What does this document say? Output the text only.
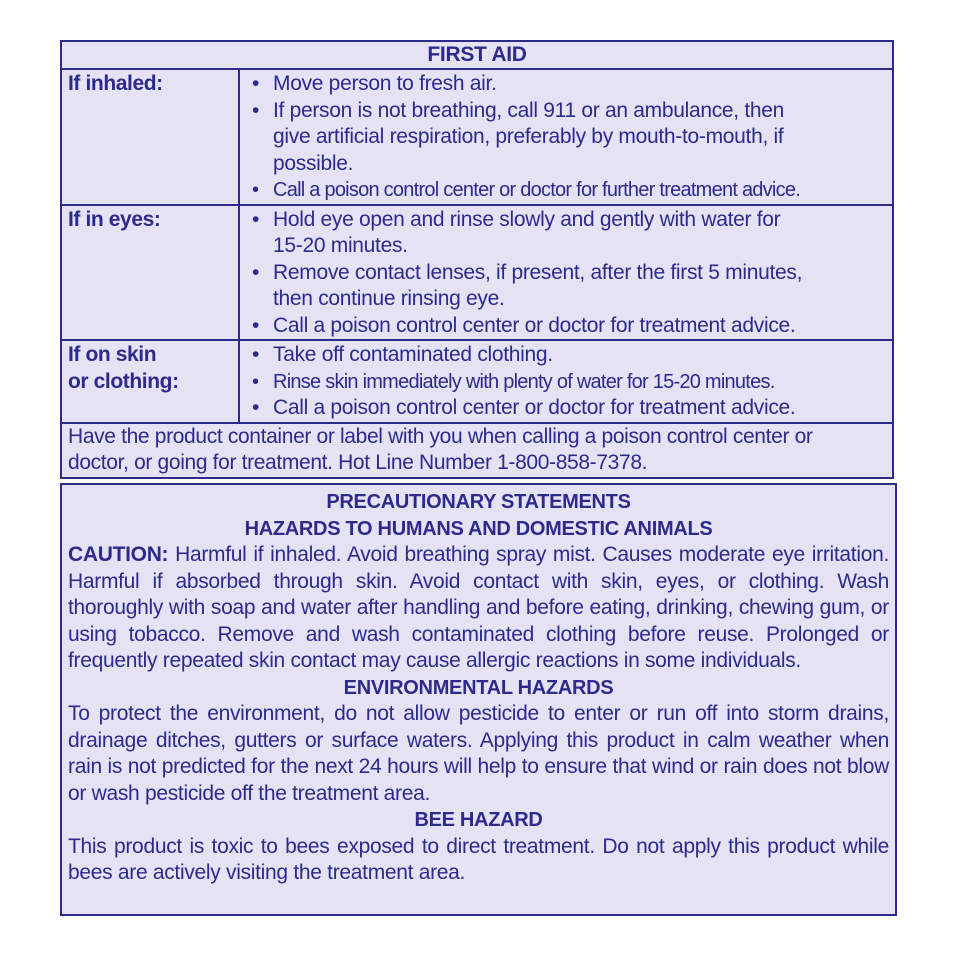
FIRST AID
If inhaled:	• Move person to fresh air.
• If person is not breathing, call 911 or an ambulance, then
give artificial respiration, preferably by mouth-to-mouth, if
possible.
• Call a poison control center or doctor for further treatment advice.
If in eyes:	• Hold eye open and rinse slowly and gently with water for
15-20 minutes.
• Remove contact lenses, if present, after the first 5 minutes,
then continue rinsing eye.
• Call a poison control center or doctor for treatment advice.
If on skin
or clothing:
• Take off contaminated clothing.
• Rinse skin immediately with plenty of water for 15-20 minutes.
• Call a poison control center or doctor for treatment advice.
Have the product container or label with you when calling a poison control center or
doctor, or going for treatment. Hot Line Number 1-800-858-7378.
PRECAUTIONARY STATEMENTS
HAZARDS TO HUMANS AND DOMESTIC ANIMALS
CAUTION: Harmful if inhaled. Avoid breathing spray mist. Causes moderate eye irritation. Harmful if absorbed through skin. Avoid contact with skin, eyes, or clothing. Wash thoroughly with soap and water after handling and before eating, drinking, chewing gum, or using tobacco. Remove and wash contaminated clothing before reuse. Prolonged or frequently repeated skin contact may cause allergic reactions in some individuals.
ENVIRONMENTAL HAZARDS
To protect the environment, do not allow pesticide to enter or run off into storm drains, drainage ditches, gutters or surface waters. Applying this product in calm weather when rain is not predicted for the next 24 hours will help to ensure that wind or rain does not blow or wash pesticide off the treatment area.
BEE HAZARD
This product is toxic to bees exposed to direct treatment. Do not apply this product while bees are actively visiting the treatment area.
